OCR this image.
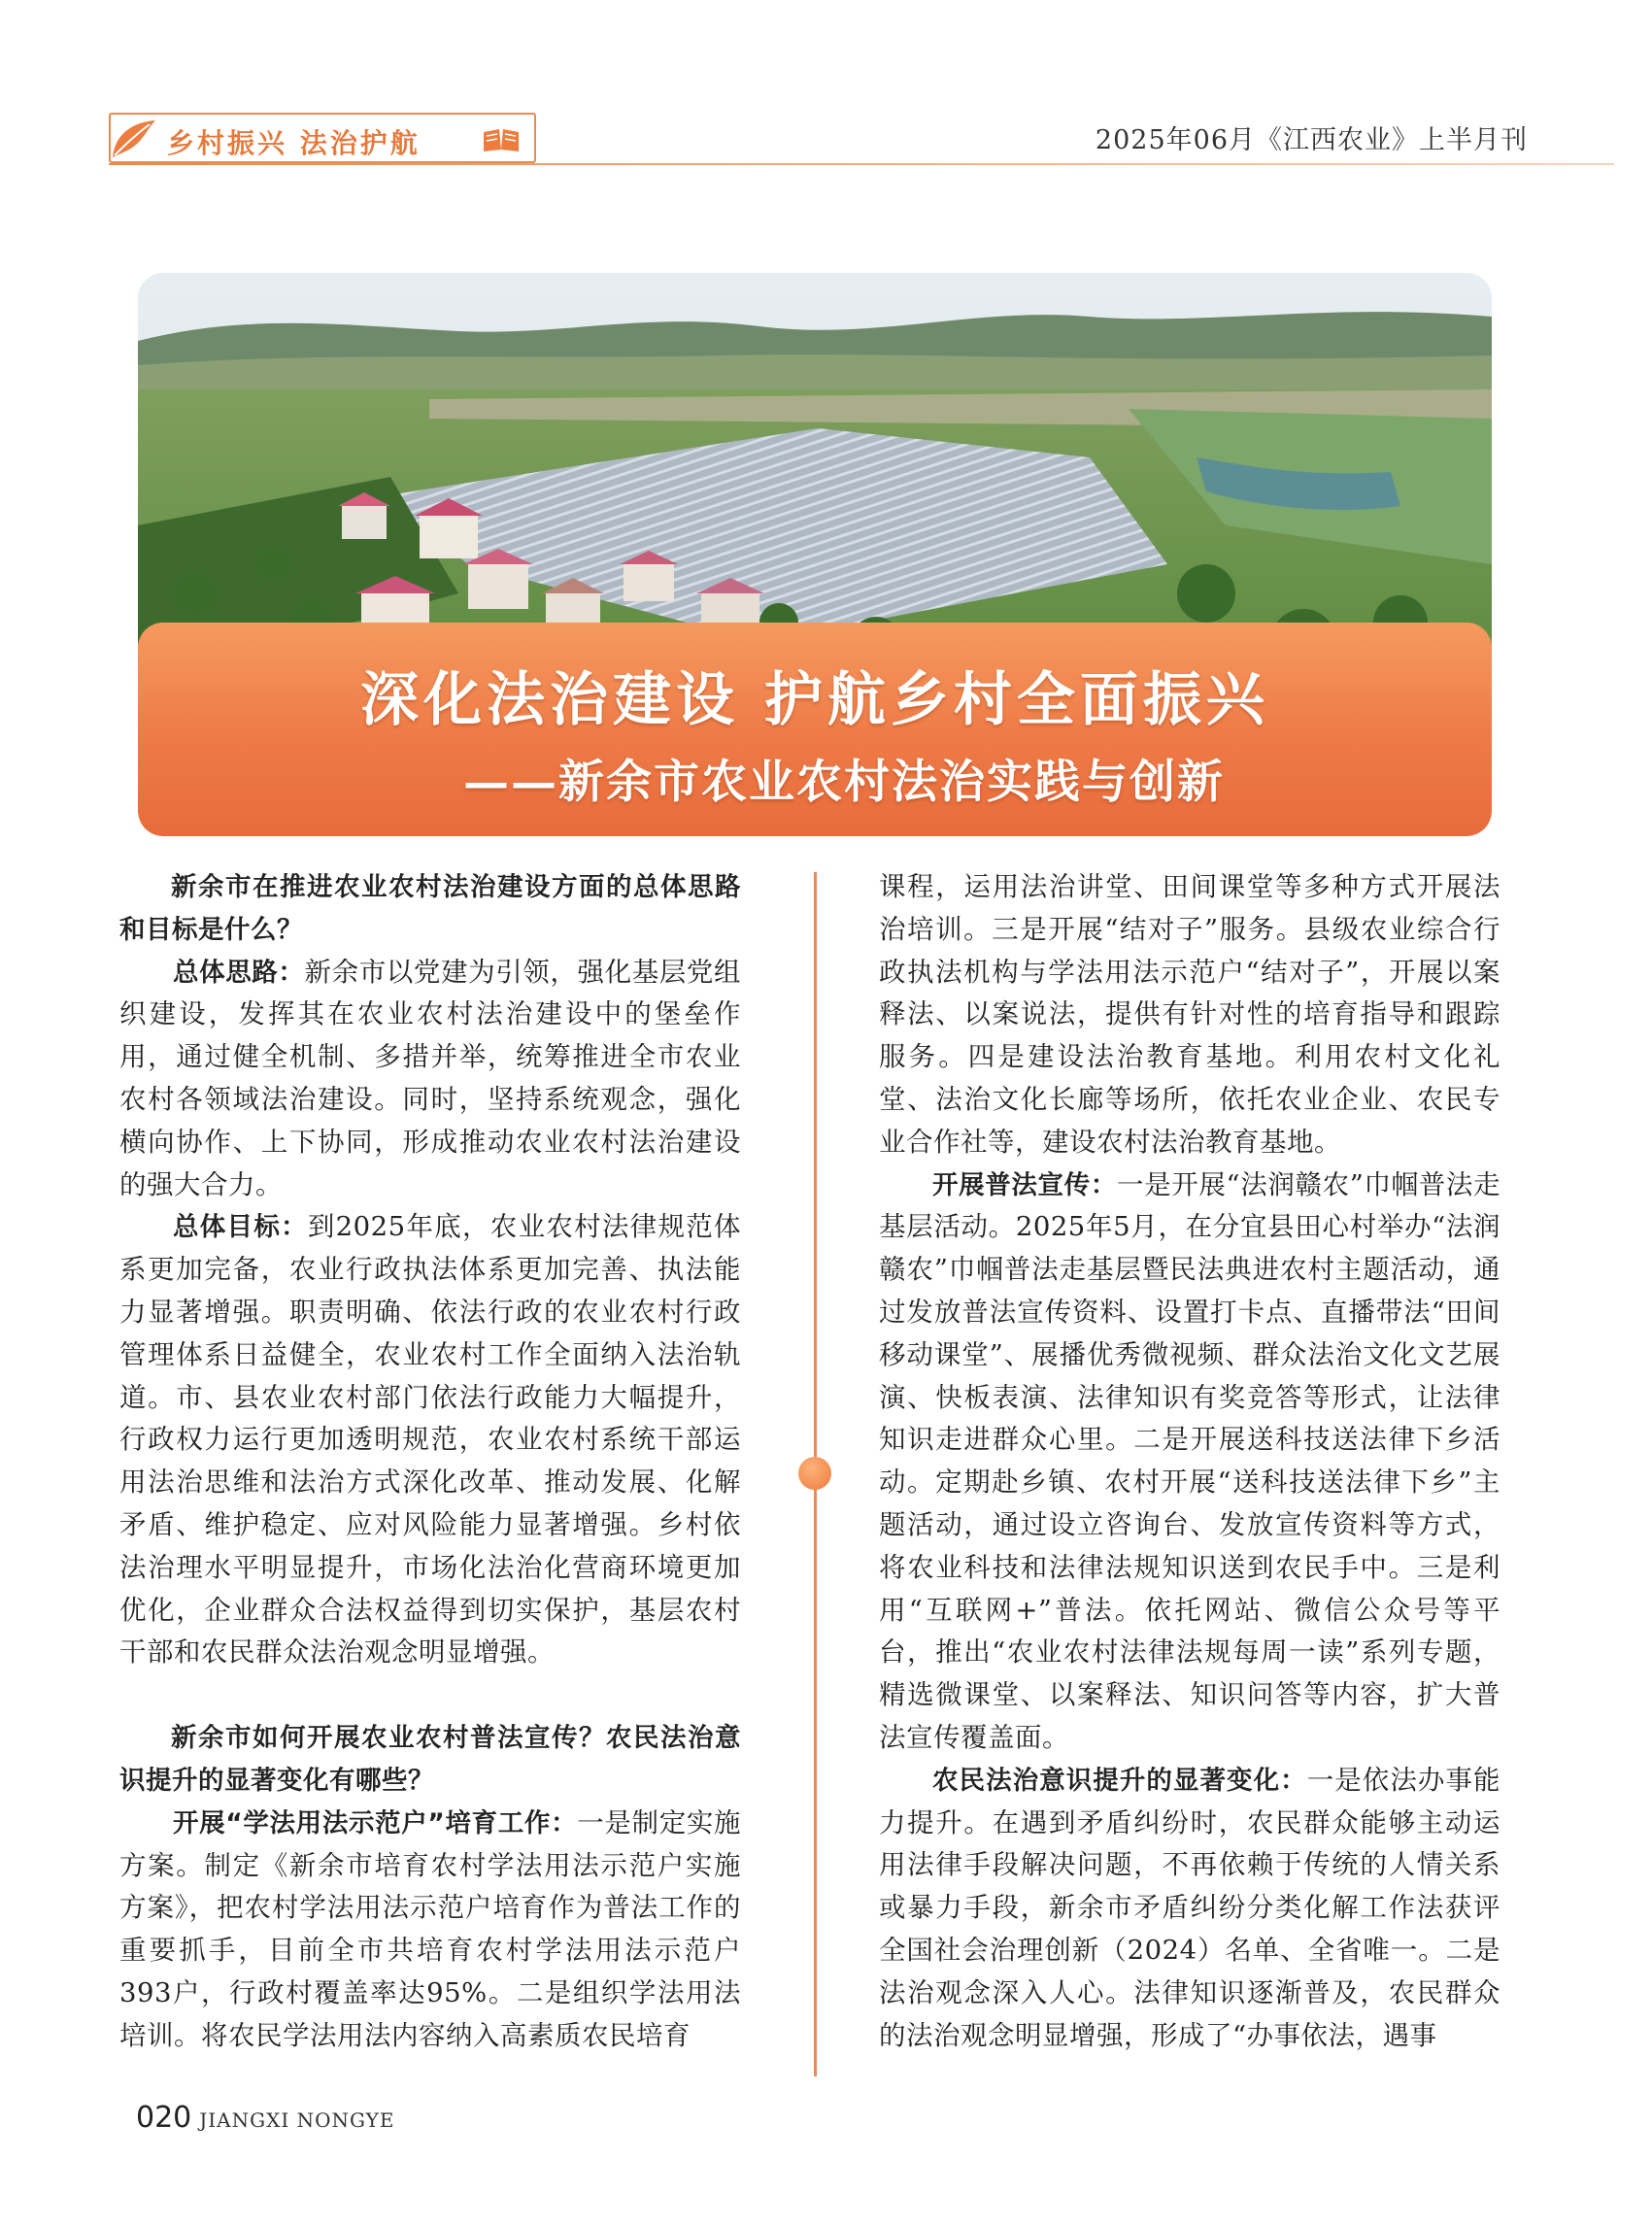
乡村振兴 法治护航	2025年06月《江西农业》上半月刊
深化法治建设 护航乡村全面振兴
——新余市农业农村法治实践与创新

新余市在推进农业农村法治建设方面的总体思路和目标是什么？

总体思路：新余市以党建为引领，强化基层党组织建设，发挥其在农业农村法治建设中的堡垒作用，通过健全机制、多措并举，统筹推进全市农业农村各领域法治建设。同时，坚持系统观念，强化横向协作、上下协同，形成推动农业农村法治建设的强大合力。

总体目标：到2025年底，农业农村法律规范体系更加完备，农业行政执法体系更加完善、执法能力显著增强。职责明确、依法行政的农业农村行政管理体系日益健全，农业农村工作全面纳入法治轨道。市、县农业农村部门依法行政能力大幅提升，行政权力运行更加透明规范，农业农村系统干部运用法治思维和法治方式深化改革、推动发展、化解矛盾、维护稳定、应对风险能力显著增强。乡村依法治理水平明显提升，市场化法治化营商环境更加优化，企业群众合法权益得到切实保护，基层农村干部和农民群众法治观念明显增强。

新余市如何开展农业农村普法宣传？农民法治意识提升的显著变化有哪些？

开展“学法用法示范户”培育工作：一是制定实施方案。制定《新余市培育农村学法用法示范户实施方案》，把农村学法用法示范户培育作为普法工作的重要抓手，目前全市共培育农村学法用法示范户393户，行政村覆盖率达95%。二是组织学法用法培训。将农民学法用法内容纳入高素质农民培育

课程，运用法治讲堂、田间课堂等多种方式开展法治培训。三是开展“结对子”服务。县级农业综合行政执法机构与学法用法示范户“结对子”，开展以案释法、以案说法，提供有针对性的培育指导和跟踪服务。四是建设法治教育基地。利用农村文化礼堂、法治文化长廊等场所，依托农业企业、农民专业合作社等，建设农村法治教育基地。

开展普法宣传：一是开展“法润赣农”巾帼普法走基层活动。2025年5月，在分宜县田心村举办“法润赣农”巾帼普法走基层暨民法典进农村主题活动，通过发放普法宣传资料、设置打卡点、直播带法“田间移动课堂”、展播优秀微视频、群众法治文化文艺展演、快板表演、法律知识有奖竞答等形式，让法律知识走进群众心里。二是开展送科技送法律下乡活动。定期赴乡镇、农村开展“送科技送法律下乡”主题活动，通过设立咨询台、发放宣传资料等方式，将农业科技和法律法规知识送到农民手中。三是利用“互联网+”普法。依托网站、微信公众号等平台，推出“农业农村法律法规每周一读”系列专题，精选微课堂、以案释法、知识问答等内容，扩大普法宣传覆盖面。

农民法治意识提升的显著变化：一是依法办事能力提升。在遇到矛盾纠纷时，农民群众能够主动运用法律手段解决问题，不再依赖于传统的人情关系或暴力手段，新余市矛盾纠纷分类化解工作法获评全国社会治理创新（2024）名单、全省唯一。二是法治观念深入人心。法律知识逐渐普及，农民群众的法治观念明显增强，形成了“办事依法，遇事

020 JIANGXI NONGYE
